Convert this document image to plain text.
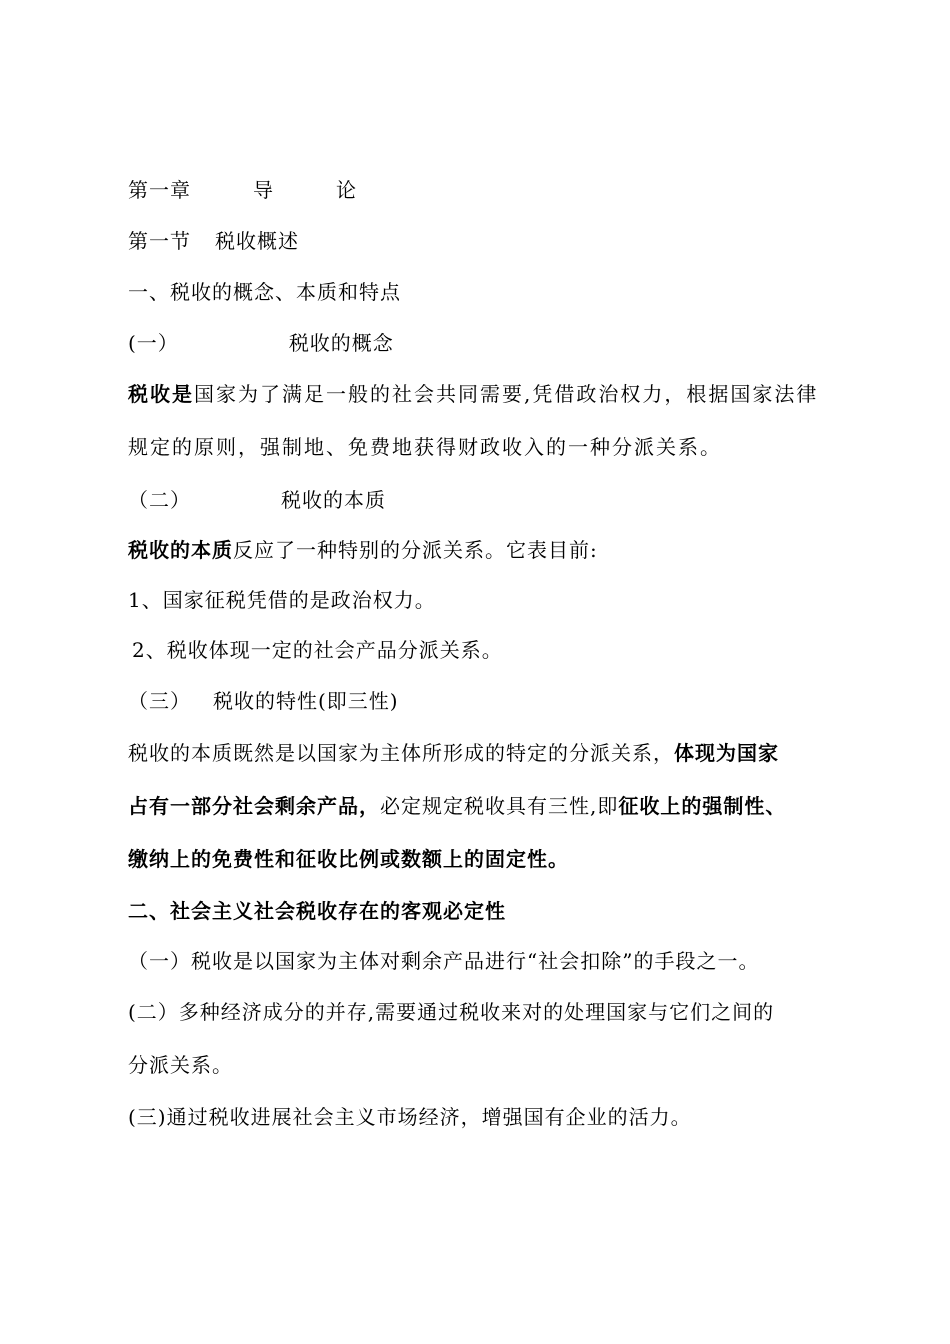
第一章	导	论
第一节 税收概述
一、税收的概念、本质和特点
(一）	税收的概念
税收是国家为了满足一般的社会共同需要,凭借政治权力，根据国家法律
规定的原则，强制地、免费地获得财政收入的一种分派关系。
（二）	税收的本质
税收的本质反应了一种特别的分派关系。它表目前:
1、国家征税凭借的是政治权力。
2、税收体现一定的社会产品分派关系。
（三） 税收的特性(即三性)
税收的本质既然是以国家为主体所形成的特定的分派关系，体现为国家
占有一部分社会剩余产品，必定规定税收具有三性,即征收上的强制性、
缴纳上的免费性和征收比例或数额上的固定性。
二、社会主义社会税收存在的客观必定性
（一）税收是以国家为主体对剩余产品进行“社会扣除”的手段之一。
(二）多种经济成分的并存,需要通过税收来对的处理国家与它们之间的
分派关系。
(三)通过税收进展社会主义市场经济，增强国有企业的活力。
